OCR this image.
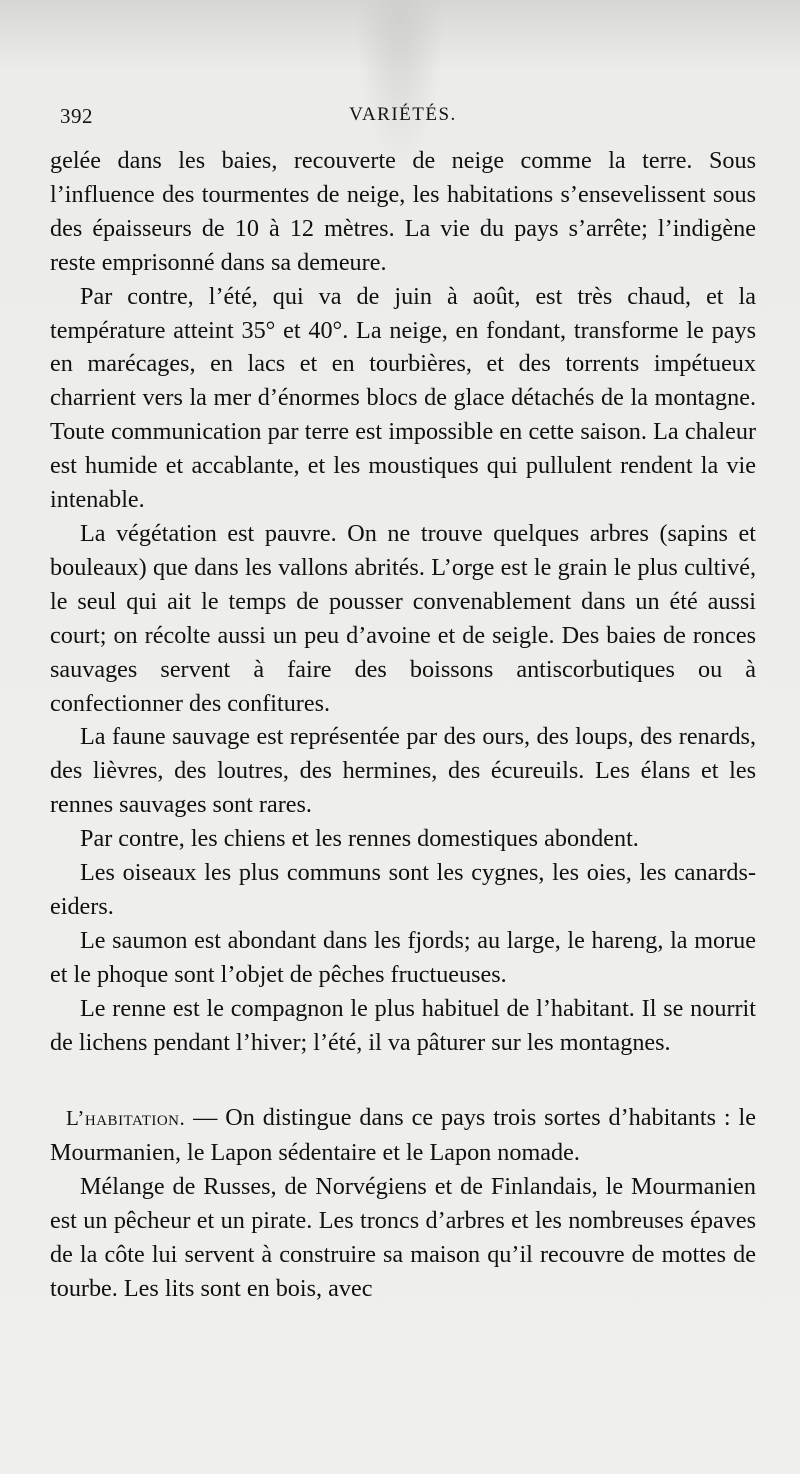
392	VARIÉTÉS.

gelée dans les baies, recouverte de neige comme la terre. Sous l’influence des tourmentes de neige, les habitations s’ensevelissent sous des épaisseurs de 10 à 12 mètres. La vie du pays s’arrête; l’indigène reste emprisonné dans sa demeure.

Par contre, l’été, qui va de juin à août, est très chaud, et la température atteint 35° et 40°. La neige, en fondant, transforme le pays en marécages, en lacs et en tourbières, et des torrents impétueux charrient vers la mer d’énormes blocs de glace détachés de la montagne. Toute communication par terre est impossible en cette saison. La chaleur est humide et accablante, et les moustiques qui pullulent rendent la vie intenable.

La végétation est pauvre. On ne trouve quelques arbres (sapins et bouleaux) que dans les vallons abrités. L’orge est le grain le plus cultivé, le seul qui ait le temps de pousser convenablement dans un été aussi court; on récolte aussi un peu d’avoine et de seigle. Des baies de ronces sauvages servent à faire des boissons antiscorbutiques ou à confectionner des confitures.

La faune sauvage est représentée par des ours, des loups, des renards, des lièvres, des loutres, des hermines, des écureuils. Les élans et les rennes sauvages sont rares.

Par contre, les chiens et les rennes domestiques abondent.

Les oiseaux les plus communs sont les cygnes, les oies, les canards-eiders.

Le saumon est abondant dans les fjords; au large, le hareng, la morue et le phoque sont l’objet de pêches fructueuses.

Le renne est le compagnon le plus habituel de l’habitant. Il se nourrit de lichens pendant l’hiver; l’été, il va pâturer sur les montagnes.

L’habitation. — On distingue dans ce pays trois sortes d’habitants : le Mourmanien, le Lapon sédentaire et le Lapon nomade.

Mélange de Russes, de Norvégiens et de Finlandais, le Mourmanien est un pêcheur et un pirate. Les troncs d’arbres et les nombreuses épaves de la côte lui servent à construire sa maison qu’il recouvre de mottes de tourbe. Les lits sont en bois, avec
